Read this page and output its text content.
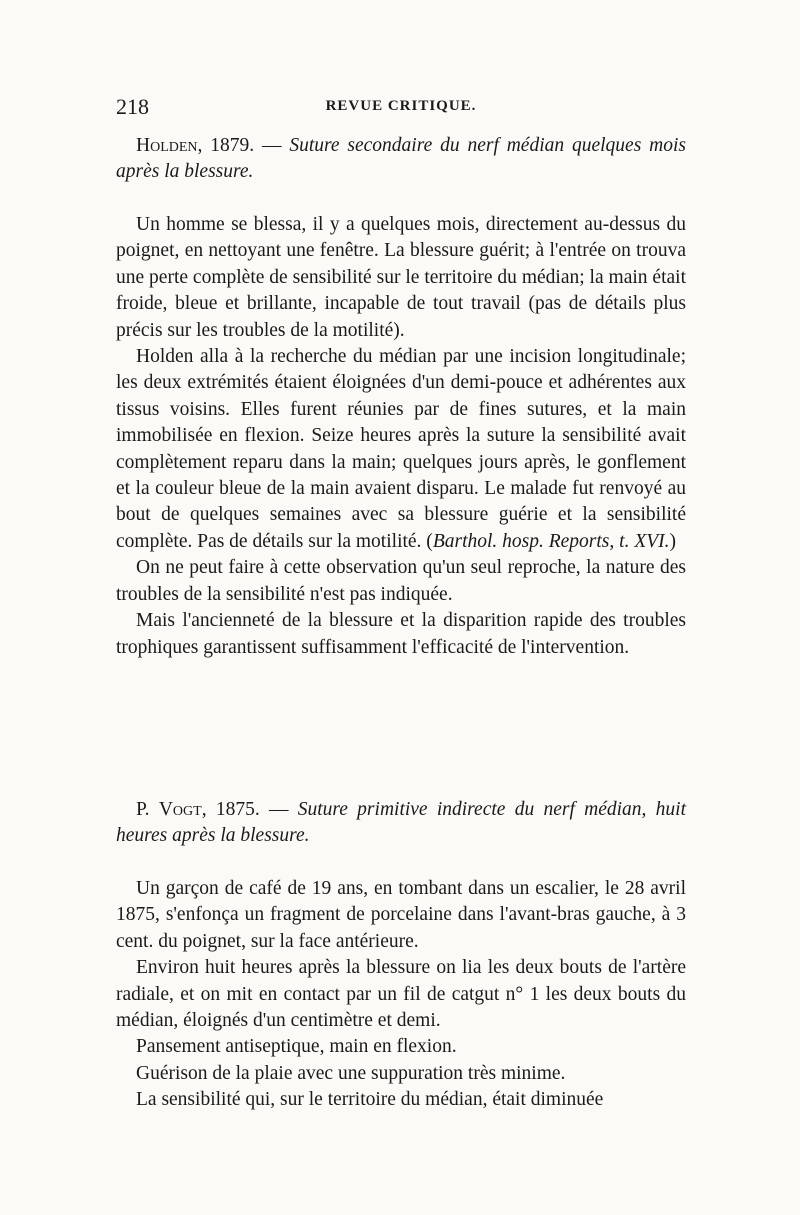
218	REVUE CRITIQUE.

Holden, 1879. — Suture secondaire du nerf médian quelques mois après la blessure.

Un homme se blessa, il y a quelques mois, directement au-dessus du poignet, en nettoyant une fenêtre. La blessure guérit; à l'entrée on trouva une perte complète de sensibilité sur le territoire du médian; la main était froide, bleue et brillante, incapable de tout travail (pas de détails plus précis sur les troubles de la motilité).

Holden alla à la recherche du médian par une incision longitudinale; les deux extrémités étaient éloignées d'un demi-pouce et adhérentes aux tissus voisins. Elles furent réunies par de fines sutures, et la main immobilisée en flexion. Seize heures après la suture la sensibilité avait complètement reparu dans la main; quelques jours après, le gonflement et la couleur bleue de la main avaient disparu. Le malade fut renvoyé au bout de quelques semaines avec sa blessure guérie et la sensibilité complète. Pas de détails sur la motilité. (Barthol. hosp. Reports, t. XVI.)

On ne peut faire à cette observation qu'un seul reproche, la nature des troubles de la sensibilité n'est pas indiquée.

Mais l'ancienneté de la blessure et la disparition rapide des troubles trophiques garantissent suffisamment l'efficacité de l'intervention.

P. Vogt, 1875. — Suture primitive indirecte du nerf médian, huit heures après la blessure.

Un garçon de café de 19 ans, en tombant dans un escalier, le 28 avril 1875, s'enfonça un fragment de porcelaine dans l'avant-bras gauche, à 3 cent. du poignet, sur la face antérieure.

Environ huit heures après la blessure on lia les deux bouts de l'artère radiale, et on mit en contact par un fil de catgut n° 1 les deux bouts du médian, éloignés d'un centimètre et demi.

Pansement antiseptique, main en flexion.

Guérison de la plaie avec une suppuration très minime.

La sensibilité qui, sur le territoire du médian, était diminuée
